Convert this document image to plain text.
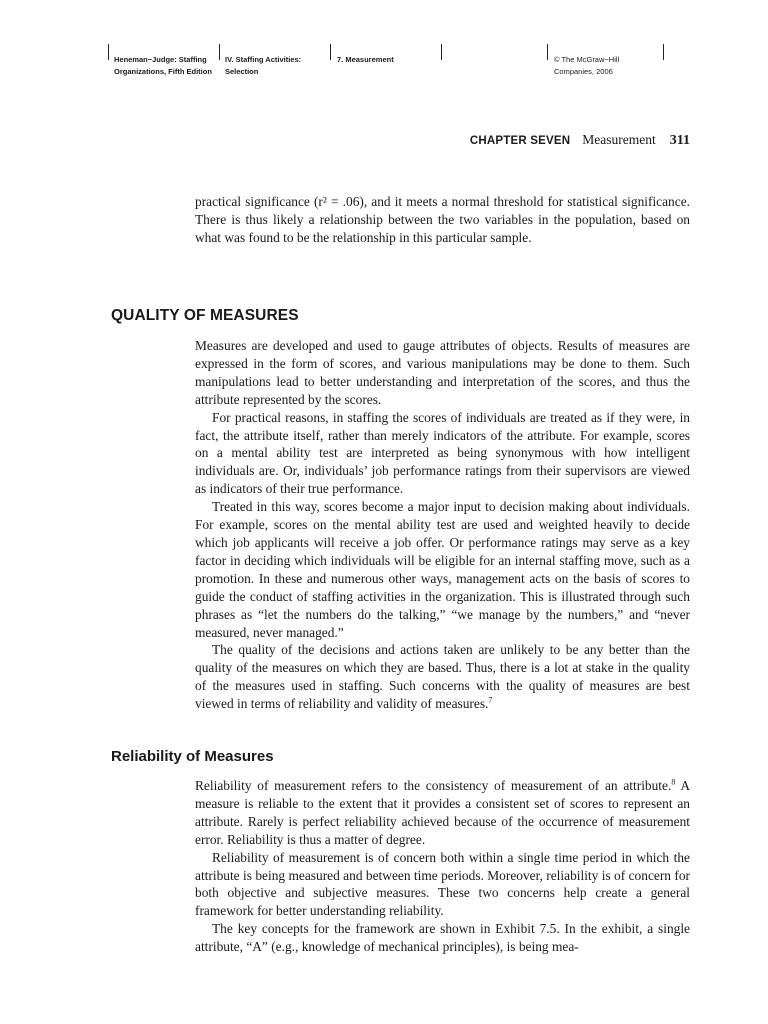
Heneman−Judge: Staffing
Organizations, Fifth Edition
IV. Staffing Activities:
Selection
7. Measurement	© The McGraw−Hill
Companies, 2006
CHAPTER SEVEN Measurement 311

practical significance (r² = .06), and it meets a normal threshold for statistical significance. There is thus likely a relationship between the two variables in the population, based on what was found to be the relationship in this particular sample.

QUALITY OF MEASURES

Measures are developed and used to gauge attributes of objects. Results of measures are expressed in the form of scores, and various manipulations may be done to them. Such manipulations lead to better understanding and interpretation of the scores, and thus the attribute represented by the scores.

For practical reasons, in staffing the scores of individuals are treated as if they were, in fact, the attribute itself, rather than merely indicators of the attribute. For example, scores on a mental ability test are interpreted as being synonymous with how intelligent individuals are. Or, individuals’ job performance ratings from their supervisors are viewed as indicators of their true performance.

Treated in this way, scores become a major input to decision making about individuals. For example, scores on the mental ability test are used and weighted heavily to decide which job applicants will receive a job offer. Or performance ratings may serve as a key factor in deciding which individuals will be eligible for an internal staffing move, such as a promotion. In these and numerous other ways, management acts on the basis of scores to guide the conduct of staffing activities in the organization. This is illustrated through such phrases as “let the numbers do the talking,” “we manage by the numbers,” and “never measured, never managed.”

The quality of the decisions and actions taken are unlikely to be any better than the quality of the measures on which they are based. Thus, there is a lot at stake in the quality of the measures used in staffing. Such concerns with the quality of measures are best viewed in terms of reliability and validity of measures.$^7$

Reliability of Measures

Reliability of measurement refers to the consistency of measurement of an attribute.$^8$ A measure is reliable to the extent that it provides a consistent set of scores to represent an attribute. Rarely is perfect reliability achieved because of the occurrence of measurement error. Reliability is thus a matter of degree.

Reliability of measurement is of concern both within a single time period in which the attribute is being measured and between time periods. Moreover, reliability is of concern for both objective and subjective measures. These two concerns help create a general framework for better understanding reliability.

The key concepts for the framework are shown in Exhibit 7.5. In the exhibit, a single attribute, “A” (e.g., knowledge of mechanical principles), is being mea-
